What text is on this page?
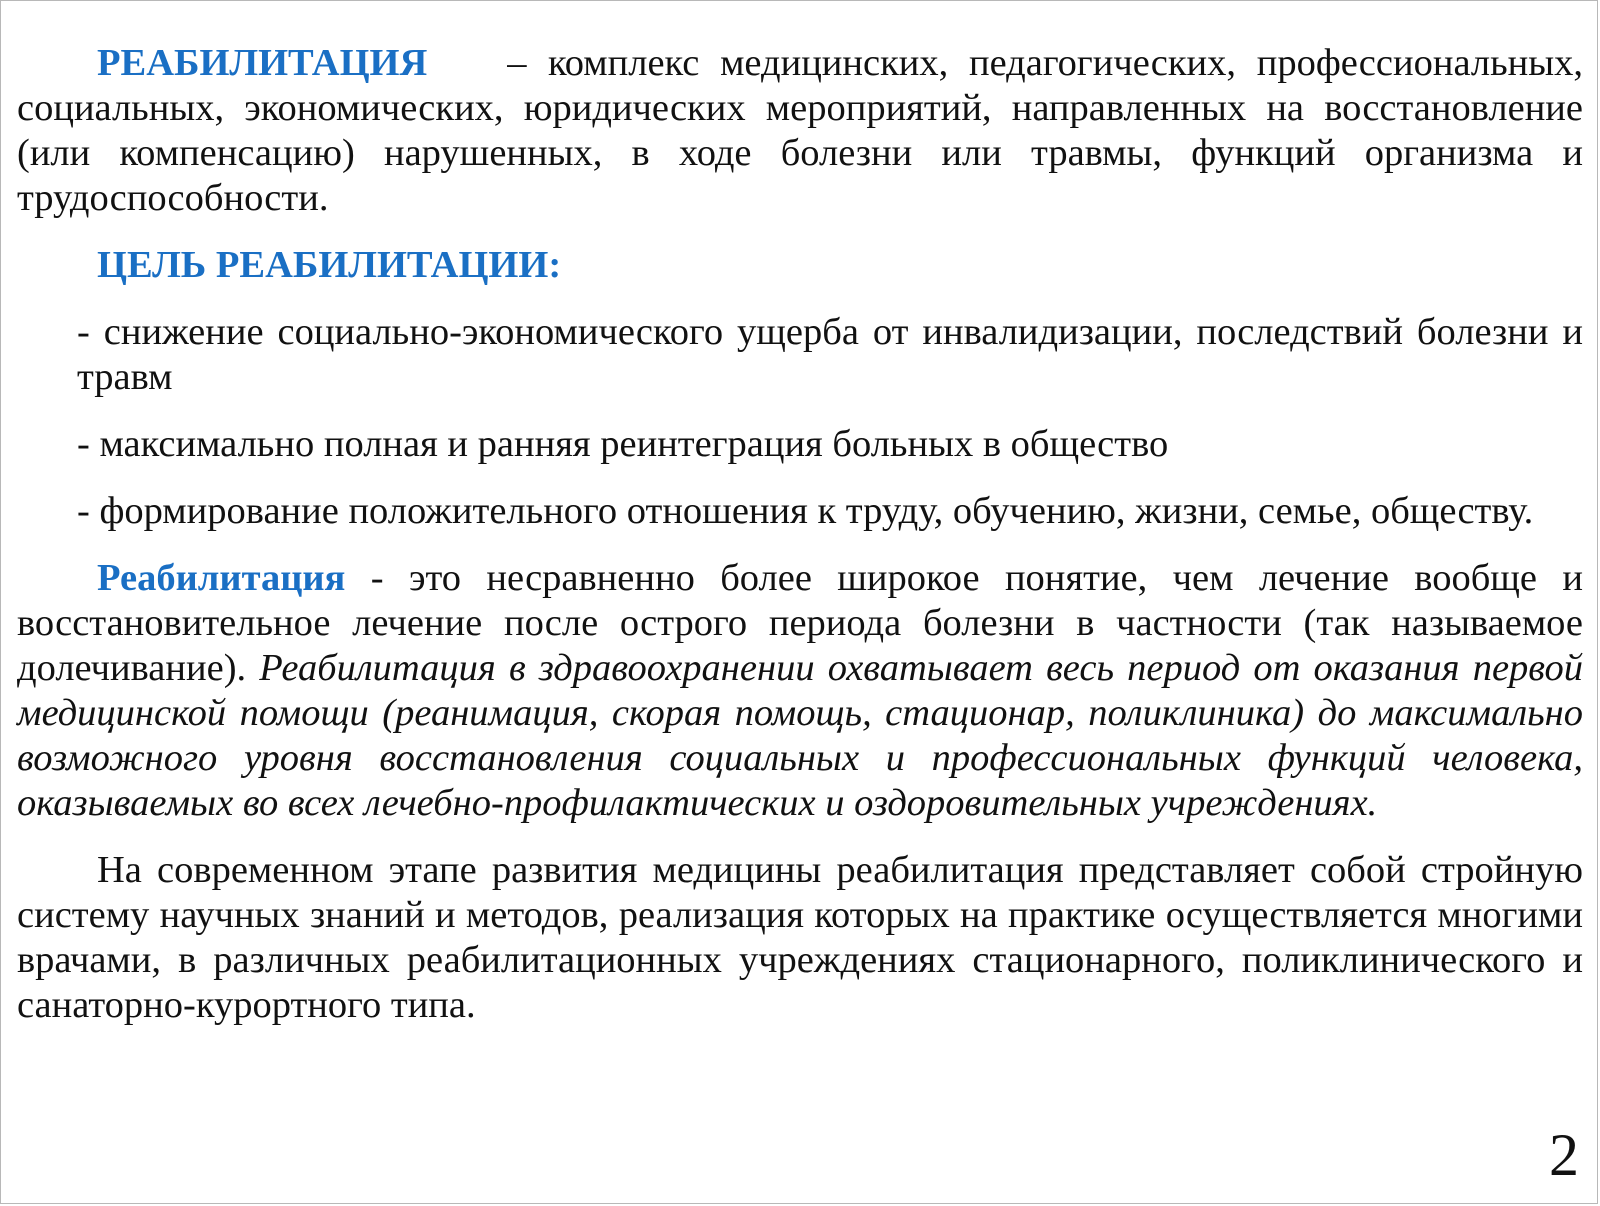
РЕАБИЛИТАЦИЯ – комплекс медицинских, педагогических, профессиональных, социальных, экономических, юридических мероприятий, направленных на восстановление (или компенсацию) нарушенных, в ходе болезни или травмы, функций организма и трудоспособности.

ЦЕЛЬ РЕАБИЛИТАЦИИ:

- снижение социально-экономического ущерба от инвалидизации, последствий болезни и травм

- максимально полная и ранняя реинтеграция больных в общество

- формирование положительного отношения к труду, обучению, жизни, семье, обществу.

Реабилитация - это несравненно более широкое понятие, чем лечение вообще и восстановительное лечение после острого периода болезни в частности (так называемое долечивание). Реабилитация в здравоохранении охватывает весь период от оказания первой медицинской помощи (реанимация, скорая помощь, стационар, поликлиника) до максимально возможного уровня восстановления социальных и профессиональных функций человека, оказываемых во всех лечебно-профилактических и оздоровительных учреждениях.

На современном этапе развития медицины реабилитация представляет собой стройную систему научных знаний и методов, реализация которых на практике осуществляется многими врачами, в различных реабилитационных учреждениях стационарного, поликлинического и санаторно-курортного типа.

2
